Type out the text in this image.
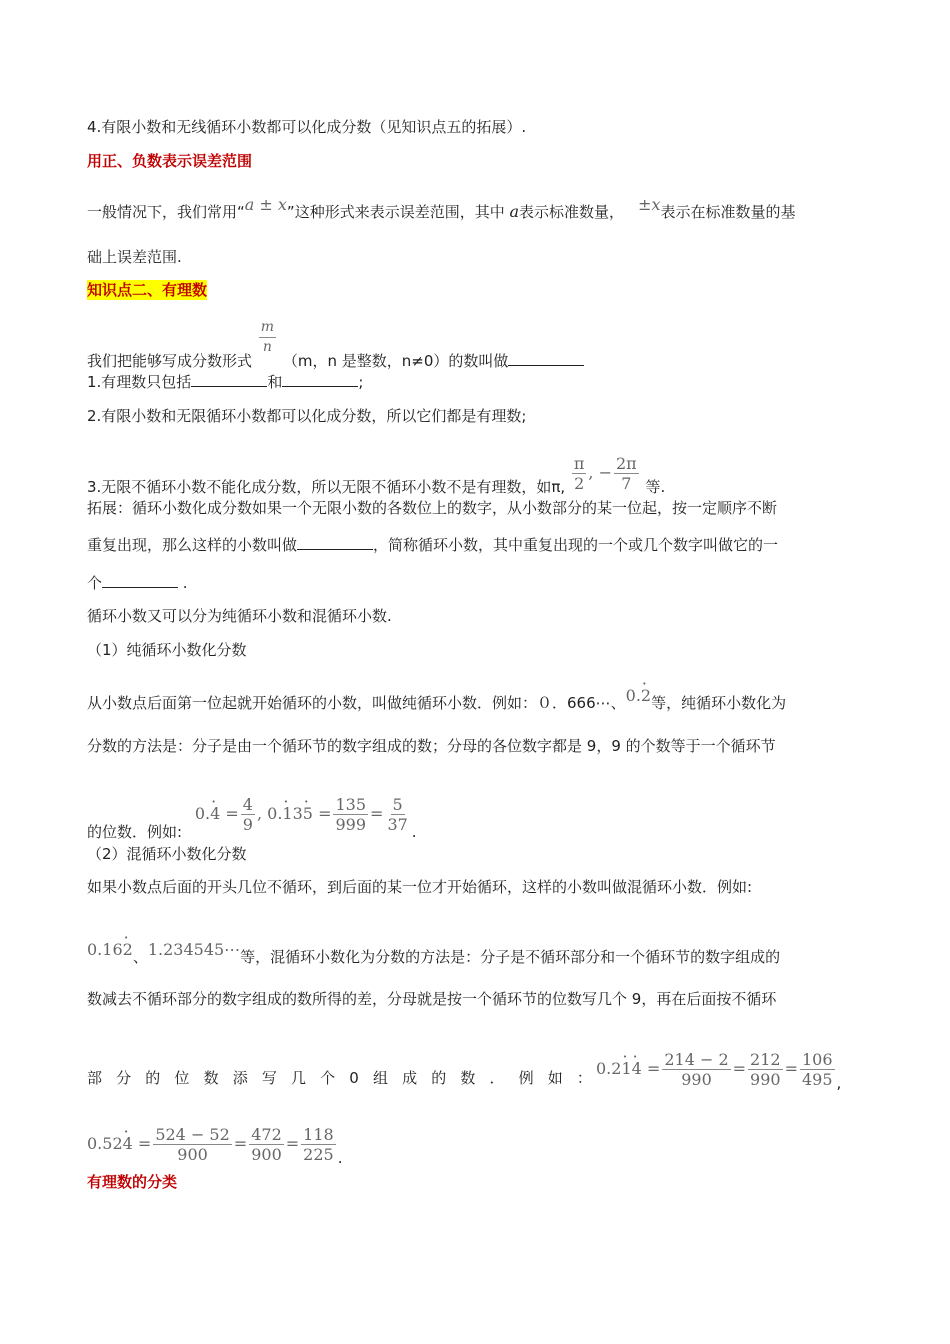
4.有限小数和无线循环小数都可以化成分数（见知识点五的拓展）.
用正、负数表示误差范围
一般情况下，我们常用“a ± x”这种形式来表示误差范围，其中 a表示标准数量， ±x表示在标准数量的基
础上误差范围.
知识点二、有理数
我们把能够写成分数形式
$\frac{m}{n}$
（m，n 是整数，n≠0）的数叫做
1.有理数只包括	和	;
2.有限小数和无限循环小数都可以化成分数，所以它们都是有理数;
3.无限不循环小数不能化成分数，所以无限不循环小数不是有理数，如π, $\frac{\pi}{2}$ , − $\frac{2\pi}{7}$ 等.
拓展：循环小数化成分数如果一个无限小数的各数位上的数字，从小数部分的某一位起，按一定顺序不断
重复出现，那么这样的小数叫做	，简称循环小数，其中重复出现的一个或几个数字叫做它的一
个	.
循环小数又可以分为纯循环小数和混循环小数.
（1）纯循环小数化分数
从小数点后面第一位起就开始循环的小数，叫做纯循环小数．例如：０．666⋯、0.· 2等，纯循环小数化为
分数的方法是：分子是由一个循环节的数字组成的数；分母的各位数字都是 9，9 的个数等于一个循环节
的位数．例如: $0.\cdot 4 = \frac{4}{9}$ , $0.\cdot 13\cdot 5 = \frac{135}{999} = \frac{5}{37}$ .
（2）混循环小数化分数
如果小数点后面的开头几位不循环，到后面的某一位才开始循环，这样的小数叫做混循环小数．例如:
0.16· 2、1.234545⋯等，混循环小数化为分数的方法是：分子是不循环部分和一个循环节的数字组成的
数减去不循环部分的数字组成的数所得的差，分母就是按一个循环节的位数写几个 9，再在后面按不循环
部 分 的 位 数 添 写 几 个 0 组 成 的 数 ． 例 如 ： $0.2\cdot 1\cdot 4 = \frac{214 - 2}{990} = \frac{212}{990} = \frac{106}{495}$ ,
$0.52\cdot 4 = \frac{524 - 52}{900} = \frac{472}{900} = \frac{118}{225}$ .
有理数的分类
